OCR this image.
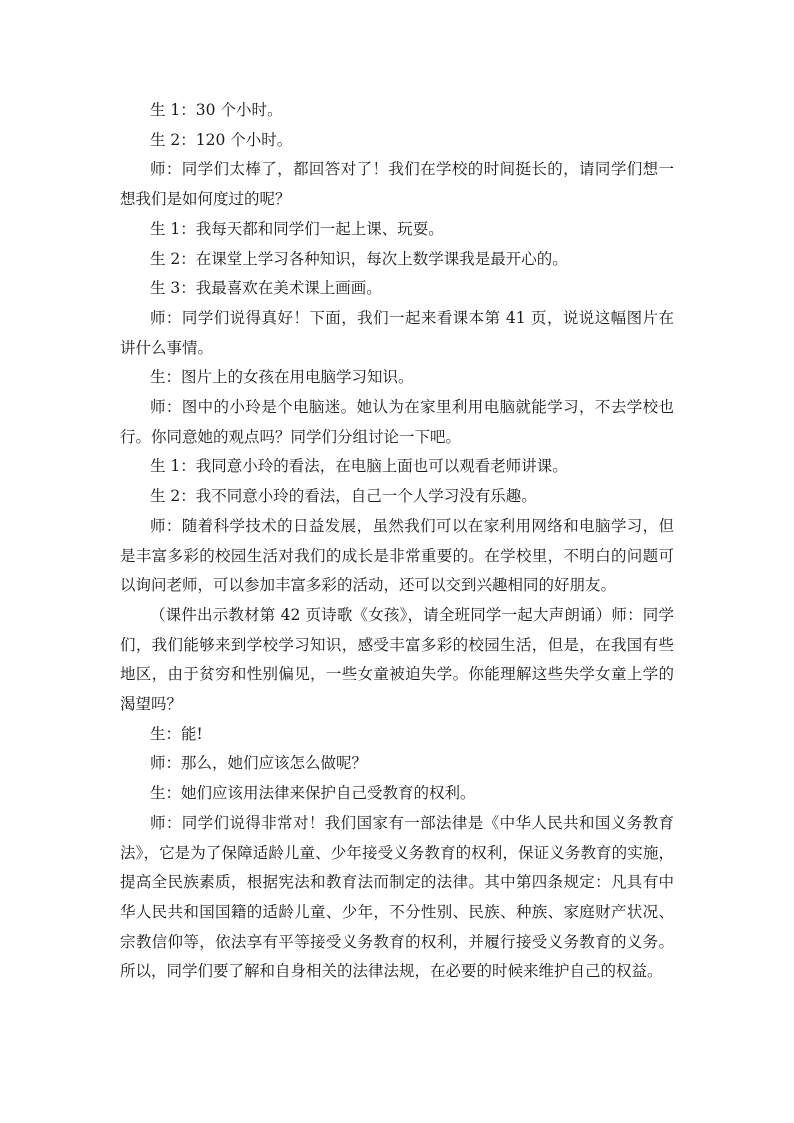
生 1：30 个小时。

生 2：120 个小时。

师：同学们太棒了，都回答对了！我们在学校的时间挺长的，请同学们想一想我们是如何度过的呢？

生 1：我每天都和同学们一起上课、玩耍。

生 2：在课堂上学习各种知识，每次上数学课我是最开心的。

生 3：我最喜欢在美术课上画画。

师：同学们说得真好！下面，我们一起来看课本第 41 页，说说这幅图片在讲什么事情。

生：图片上的女孩在用电脑学习知识。

师：图中的小玲是个电脑迷。她认为在家里利用电脑就能学习，不去学校也行。你同意她的观点吗？同学们分组讨论一下吧。

生 1：我同意小玲的看法，在电脑上面也可以观看老师讲课。

生 2：我不同意小玲的看法，自己一个人学习没有乐趣。

师：随着科学技术的日益发展，虽然我们可以在家利用网络和电脑学习，但是丰富多彩的校园生活对我们的成长是非常重要的。在学校里，不明白的问题可以询问老师，可以参加丰富多彩的活动，还可以交到兴趣相同的好朋友。

（课件出示教材第 42 页诗歌《女孩》，请全班同学一起大声朗诵）师：同学们，我们能够来到学校学习知识，感受丰富多彩的校园生活，但是，在我国有些地区，由于贫穷和性别偏见，一些女童被迫失学。你能理解这些失学女童上学的渴望吗？

生：能!

师：那么，她们应该怎么做呢？

生：她们应该用法律来保护自己受教育的权利。

师：同学们说得非常对！我们国家有一部法律是《中华人民共和国义务教育法》，它是为了保障适龄儿童、少年接受义务教育的权利，保证义务教育的实施，提高全民族素质，根据宪法和教育法而制定的法律。其中第四条规定：凡具有中华人民共和国国籍的适龄儿童、少年，不分性别、民族、种族、家庭财产状况、宗教信仰等，依法享有平等接受义务教育的权利，并履行接受义务教育的义务。所以，同学们要了解和自身相关的法律法规，在必要的时候来维护自己的权益。
